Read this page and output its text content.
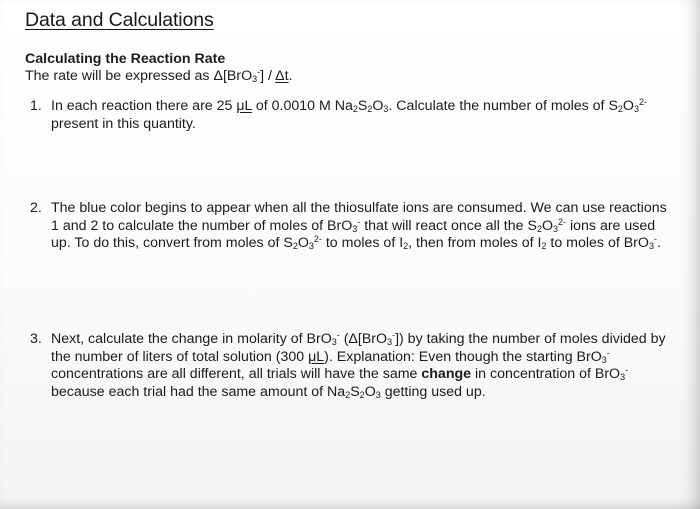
Data and Calculations
Calculating the Reaction Rate
The rate will be expressed as Δ[BrO$_3$-] / Δt.
1. In each reaction there are 25 μL of 0.0010 M $Na_2S_2O_3$. Calculate the number of moles of $S_2O_3^{2-}$
present in this quantity.
2. The blue color begins to appear when all the thiosulfate ions are consumed. We can use reactions
1 and 2 to calculate the number of moles of BrO$_3$- that will react once all the $S_2O_3^{2-}$ ions are used
up. To do this, convert from moles of $S_2O_3^{2-}$ to moles of $I_2$, then from moles of $I_2$ to moles of BrO$_3$-.
3. Next, calculate the change in molarity of BrO$_3$- (Δ[BrO$_3$-]) by taking the number of moles divided by
the number of liters of total solution (300 μL). Explanation: Even though the starting BrO$_3$-
concentrations are all different, all trials will have the same change in concentration of BrO$_3$-
because each trial had the same amount of $Na_2S_2O_3$ getting used up.
